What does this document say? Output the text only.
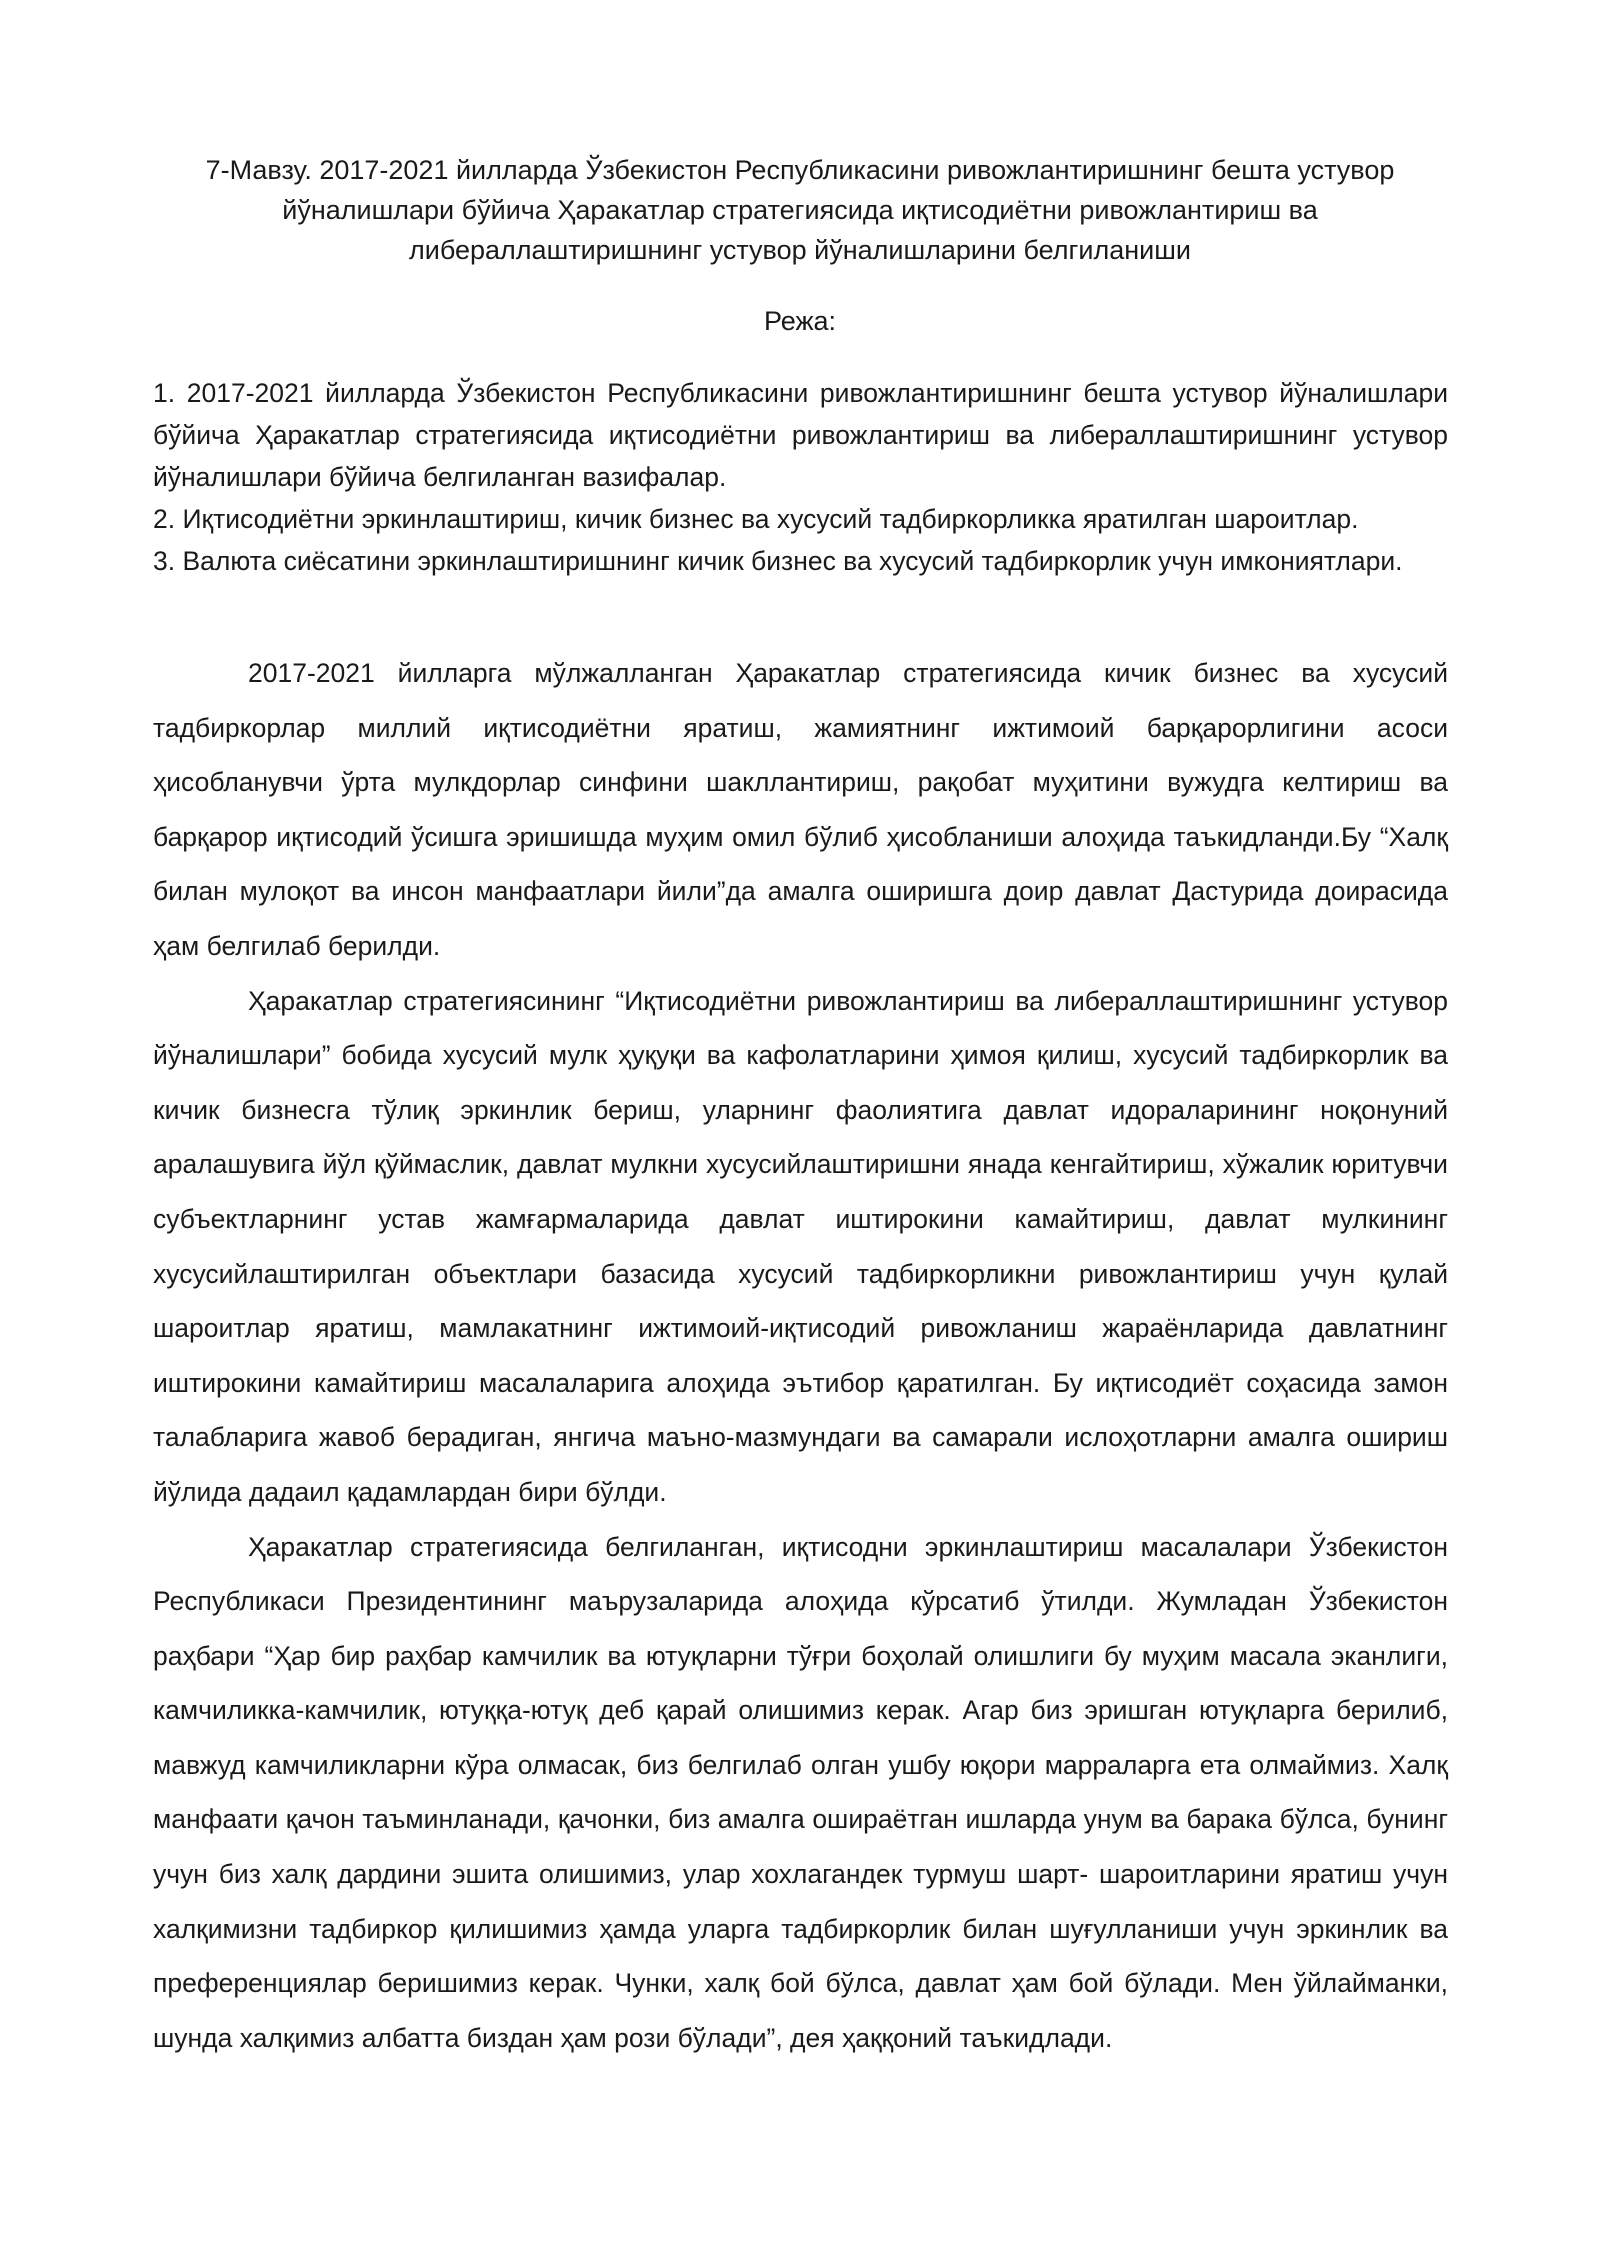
7-Мавзу. 2017-2021 йилларда Ўзбекистон Республикасини ривожлантиришнинг бешта устувор
йўналишлари бўйича Ҳаракатлар стратегиясида иқтисодиётни ривожлантириш ва
либераллаштиришнинг устувор йўналишларини белгиланиши
Режа:

1. 2017-2021 йилларда Ўзбекистон Республикасини ривожлантиришнинг бешта устувор йўналишлари бўйича Ҳаракатлар стратегиясида иқтисодиётни ривожлантириш ва либераллаштиришнинг устувор йўналишлари бўйича белгиланган вазифалар.

2. Иқтисодиётни эркинлаштириш, кичик бизнес ва хусусий тадбиркорликка яратилган шароитлар.

3. Валюта сиёсатини эркинлаштиришнинг кичик бизнес ва хусусий тадбиркорлик учун имкониятлари.

2017-2021 йилларга мўлжалланган Ҳаракатлар стратегиясида кичик бизнес ва хусусий тадбиркорлар миллий иқтисодиётни яратиш, жамиятнинг ижтимоий барқарорлигини асоси ҳисобланувчи ўрта мулкдорлар синфини шакллантириш, рақобат муҳитини вужудга келтириш ва барқарор иқтисодий ўсишга эришишда муҳим омил бўлиб ҳисобланиши алоҳида таъкидланди.Бу “Халқ билан мулоқот ва инсон манфаатлари йили”да амалга оширишга доир давлат Дастурида доирасида ҳам белгилаб берилди.

Ҳаракатлар стратегиясининг “Иқтисодиётни ривожлантириш ва либераллаштиришнинг устувор йўналишлари” бобида хусусий мулк ҳуқуқи ва кафолатларини ҳимоя қилиш, хусусий тадбиркорлик ва кичик бизнесга тўлиқ эркинлик бериш, уларнинг фаолиятига давлат идораларининг ноқонуний аралашувига йўл қўймаслик, давлат мулкни хусусийлаштиришни янада кенгайтириш, хўжалик юритувчи субъектларнинг устав жамғармаларида давлат иштирокини камайтириш, давлат мулкининг хусусийлаштирилган объектлари базасида хусусий тадбиркорликни ривожлантириш учун қулай шароитлар яратиш, мамлакатнинг ижтимоий-иқтисодий ривожланиш жараёнларида давлатнинг иштирокини камайтириш масалаларига алоҳида эътибор қаратилган. Бу иқтисодиёт соҳасида замон талабларига жавоб берадиган, янгича маъно-мазмундаги ва самарали ислоҳотларни амалга ошириш йўлида дадаил қадамлардан бири бўлди.

Ҳаракатлар стратегиясида белгиланган, иқтисодни эркинлаштириш масалалари Ўзбекистон Республикаси Президентининг маърузаларида алоҳида кўрсатиб ўтилди. Жумладан Ўзбекистон раҳбари “Ҳар бир раҳбар камчилик ва ютуқларни тўғри боҳолай олишлиги бу муҳим масала эканлиги, камчиликка-камчилик, ютуққа-ютуқ деб қарай олишимиз керак. Агар биз эришган ютуқларга берилиб, мавжуд камчиликларни кўра олмасак, биз белгилаб олган ушбу юқори марраларга ета олмаймиз. Халқ манфаати қачон таъминланади, қачонки, биз амалга ошираётган ишларда унум ва барака бўлса, бунинг учун биз халқ дардини эшита олишимиз, улар хохлагандек турмуш шарт- шароитларини яратиш учун халқимизни тадбиркор қилишимиз ҳамда уларга тадбиркорлик билан шуғулланиши учун эркинлик ва преференциялар беришимиз керак. Чунки, халқ бой бўлса, давлат ҳам бой бўлади. Мен ўйлайманки, шунда халқимиз албатта биздан ҳам рози бўлади”, дея ҳаққоний таъкидлади.
